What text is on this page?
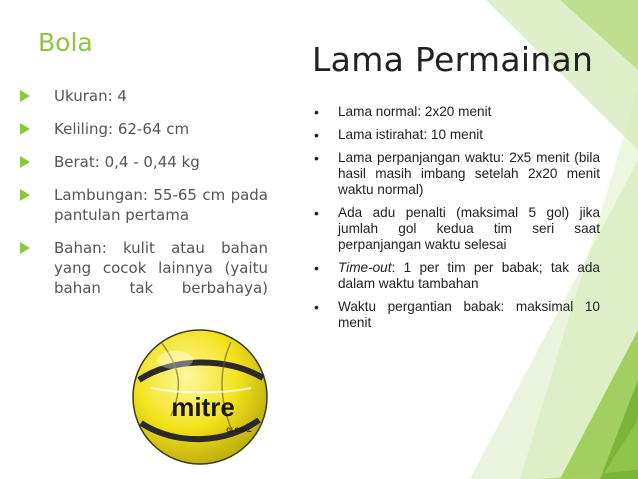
Bola
Ukuran: 4
Keliling: 62-64 cm
Berat: 0,4 - 0,44 kg
Lambungan: 55-65 cm pada pantulan pertama
Bahan: kulit atau bahan yang cocok lainnya (yaitu bahan tak berbahaya)
Lama Permainan
• Lama normal: 2x20 menit
• Lama istirahat: 10 menit
• Lama perpanjangan waktu: 2x5 menit (bila hasil masih imbang setelah 2x20 menit waktu normal)
• Ada adu penalti (maksimal 5 gol) jika jumlah gol kedua tim seri saat perpanjangan waktu selesai
• Time-out: 1 per tim per babak; tak ada dalam waktu tambahan
• Waktu pergantian babak: maksimal 10 menit
mitre
GLOBAL
